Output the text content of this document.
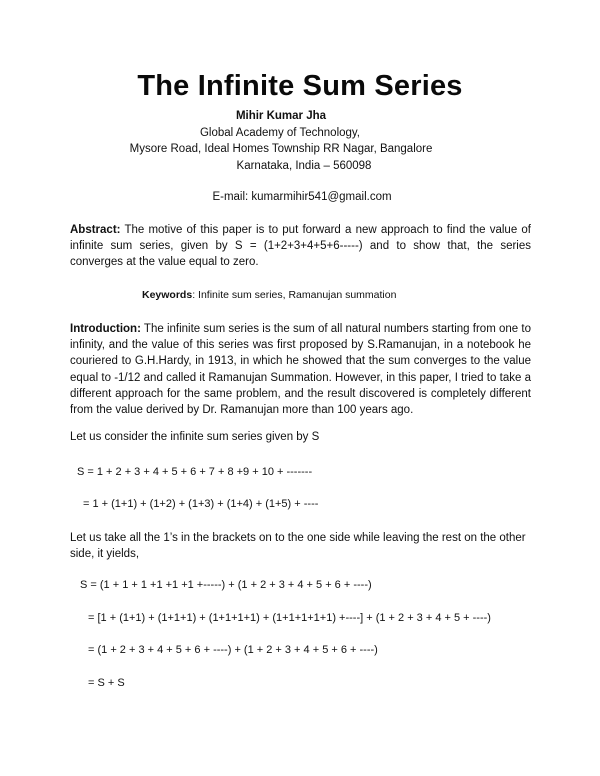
The Infinite Sum Series
Mihir Kumar Jha
Global Academy of Technology,
Mysore Road, Ideal Homes Township RR Nagar, Bangalore
Karnataka, India – 560098
E-mail: kumarmihir541@gmail.com
Abstract: The motive of this paper is to put forward a new approach to find the value of infinite sum series, given by S = (1+2+3+4+5+6-----) and to show that, the series converges at the value equal to zero.
Keywords: Infinite sum series, Ramanujan summation
Introduction: The infinite sum series is the sum of all natural numbers starting from one to infinity, and the value of this series was first proposed by S.Ramanujan, in a notebook he couriered to G.H.Hardy, in 1913, in which he showed that the sum converges to the value equal to -1/12 and called it Ramanujan Summation. However, in this paper, I tried to take a different approach for the same problem, and the result discovered is completely different from the value derived by Dr. Ramanujan more than 100 years ago.
Let us consider the infinite sum series given by S
S = 1 + 2 + 3 + 4 + 5 + 6 + 7 + 8 +9 + 10 + -------
= 1 + (1+1) + (1+2) + (1+3) + (1+4) + (1+5) + ----
Let us take all the 1’s in the brackets on to the one side while leaving the rest on the other side, it yields,
S = (1 + 1 + 1 +1 +1 +1 +-----) + (1 + 2 + 3 + 4 + 5 + 6 + ----)
= [1 + (1+1) + (1+1+1) + (1+1+1+1) + (1+1+1+1+1) +----] + (1 + 2 + 3 + 4 + 5 + ----)
= (1 + 2 + 3 + 4 + 5 + 6 + ----) + (1 + 2 + 3 + 4 + 5 + 6 + ----)
= S + S
